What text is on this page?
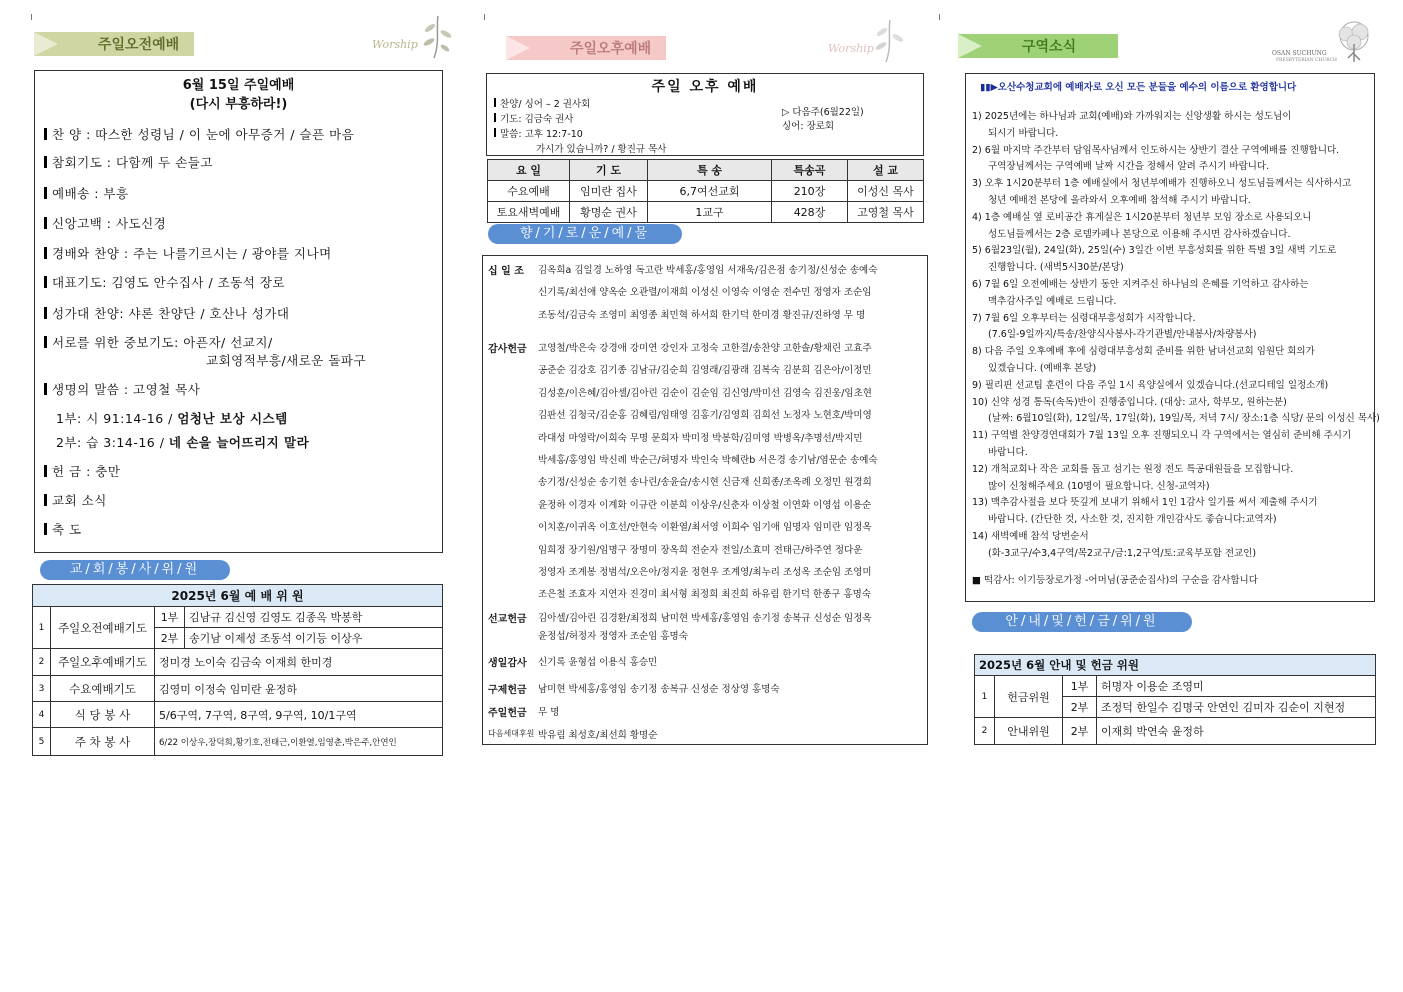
주일오전예배	Worship	주일오후예배	Worship	구역소식	OSAN SUCHUNG
PRESBYTERIAN CHURCH
6월 15일 주일예배
(다시 부흥하라!)
찬 양 : 따스한 성령님 / 이 눈에 아무증거 / 슬픈 마음
참회기도 : 다함께 두 손들고
예배송 : 부흥
신앙고백 : 사도신경
경배와 찬양 : 주는 나를기르시는 / 광야를 지나며
대표기도: 김영도 안수집사 / 조동석 장로
성가대 찬양: 샤론 찬양단 / 호산나 성가대
서로를 위한 중보기도: 아픈자/ 선교지/
교회영적부흥/새로운 돌파구
생명의 말씀 : 고영철 목사
1부: 시 91:14-16 / 엄청난 보상 시스템
2부: 습 3:14-16 / 네 손을 늘어뜨리지 말라
헌 금 : 충만
교회 소식
축 도
교/회/봉/사/위/원
2025년 6월 예 배 위 원			
1	주일오전예배기도	1부	김남규 김신영 김영도 김종옥 박봉학
		2부	송기남 이제성 조동석 이기등 이상우
2	주일오후예배기도	정미경 노이숙 김금숙 이재희 한미경	
3	수요예배기도	김영미 이정숙 임미란 윤정하	
4	식 당 봉 사	5/6구역, 7구역, 8구역, 9구역, 10/1구역	
5	주 차 봉 사	6/22 이상우,장덕희,황기호,전태근,이환열,임영춘,박은주,안연인	
주일 오후 예배
찬양/ 싱어 – 2 권사회
기도: 김금숙 권사
말씀: 고후 12:7-10
가시가 있습니까? / 황진규 목사
▷ 다음주(6월22일)
싱어: 장로회
요 일	기 도	특 송	특송곡	설 교
수요예배	임미란 집사	6,7여선교회	210장	이성신 목사
토요새벽예배	황명순 권사	1교구	428장	고영철 목사
향/기/로/운/예/물
십 일 조 김옥희a 김일경 노하영 독고란 박세홍/홍영임 서재욱/김은점 송기정/신성순 송예숙
신기록/최선애 양옥순 오관렬/이재희 이성신 이영숙 이영순 전수민 정영자 조순임
조동석/김금숙 조영미 최영종 최민혁 하서희 한기덕 한미경 황진규/진하영 무 명
감사헌금 고영철/박은숙 강경애 강미연 강인자 고정숙 고한결/송찬양 고한솔/황채린 고효주
공준순 김강호 김기종 김남규/김순희 김영래/김광래 김복숙 김분희 김은아/이정민
김성훈/이은혜/김아셀/김아린 김순이 김순임 김신영/박미선 김영숙 김진웅/임초현
김판선 김청국/김순홍 김혜림/임태영 김홍기/김영희 김희선 노정자 노현호/박미영
라대성 마영락/이희숙 무명 문희자 박미정 박봉학/김미영 박병옥/추명선/박지민
박세홍/홍영임 박신례 박순근/허명자 박인숙 박혜란b 서은경 송기남/염문순 송예숙
송기정/신성순 송기현 송나린/송윤슬/송시현 신금재 신희종/조옥례 오정민 원경희
윤정하 이경자 이계화 이규란 이분희 이상우/신춘자 이상철 이연화 이영섭 이용순
이치훈/이귀옥 이호선/안현숙 이환열/최서영 이희수 임기애 임명자 임미란 임정옥
임희정 장기원/임명구 장명미 장옥희 전순자 전일/소효미 전태근/하주연 정다운
정영자 조계봉 정범석/오은아/정지윤 정현우 조계영/최누리 조성옥 조순임 조영미
조은철 조효자 지연자 진경미 최서형 최정희 최진희 하유림 한기덕 한종구 홍명숙
선교헌금 김아셀/김아린 김경환/최정희 남미현 박세홍/홍영임 송기정 송복규 신성순 임정옥
윤정섭/허정자 정영자 조순임 홍명숙
생일감사 신기록 윤형섭 이용식 홍승민
구제헌금 남미현 박세홍/홍영임 송기정 송복규 신성순 정상영 홍명숙
주일헌금 무 명
다음세대후원 박유림 최성호/최선희 황명순
▮▮▶오산수청교회에 예배자로 오신 모든 분들을 예수의 이름으로 환영합니다
1) 2025년에는 하나님과 교회(예배)와 가까워지는 신앙생활 하시는 성도님이
되시기 바랍니다.
2) 6월 마지막 주간부터 담임목사님께서 인도하시는 상반기 결산 구역예배를 진행합니다.
구역장님께서는 구역예배 날짜 시간을 정해서 알려 주시기 바랍니다.
3) 오후 1시20분부터 1층 예배실에서 청년부예배가 진행하오니 성도님들께서는 식사하시고
청년 예배전 본당에 올라와서 오후예배 참석해 주시기 바랍니다.
4) 1층 예배실 옆 로비공간 휴게실은 1시20분부터 청년부 모임 장소로 사용되오니
성도님들께서는 2층 로뎀카페나 본당으로 이용해 주시면 감사하겠습니다.
5) 6월23일(월), 24일(화), 25일(수) 3일간 이번 부흥성회를 위한 특별 3일 새벽 기도로
진행합니다. (새벽5시30분/본당)
6) 7월 6일 오전예배는 상반기 동안 지켜주신 하나님의 은혜를 기억하고 감사하는
맥추감사주일 예배로 드립니다.
7) 7월 6일 오후부터는 심령대부흥성회가 시작합니다.
(7.6일-9일까지/특송/찬양식사봉사-각기관별/안내봉사/차량봉사)
8) 다음 주일 오후예배 후에 심령대부흥성회 준비를 위한 남녀선교회 임원단 회의가
있겠습니다. (예배후 본당)
9) 필리핀 선교팀 훈련이 다음 주일 1시 육양실에서 있겠습니다.(선교디테일 일정소개)
10) 신약 성경 통독(속독)반이 진행중입니다. (대상: 교사, 학부모, 원하는분)
(날짜: 6월10일(화), 12일/목, 17일(화), 19일/목, 저녁 7시/ 장소:1층 식당/ 문의 이성신 목사)
11) 구역별 찬양경연대회가 7월 13일 오후 진행되오니 각 구역에서는 열심히 준비해 주시기
바랍니다.
12) 개척교회나 작은 교회를 돕고 섬기는 원정 전도 특공대원들을 모집합니다.
많이 신청해주세요 (10명이 필요합니다. 신청-교역자)
13) 맥추감사절을 보다 뜻깊게 보내기 위해서 1인 1감사 일기를 써서 제출해 주시기
바랍니다. (간단한 것, 사소한 것, 진지한 개인감사도 좋습니다:교역자)
14) 새벽예배 참석 당번순서
(화-3교구/수3,4구역/목2교구/금:1,2구역/토:교육부포함 전교인)
■ 떡감사: 이기등장로가정 -어머님(공준순집사)의 구순을 감사합니다
안/내/및/헌/금/위/원
2025년 6월 안내 및 헌금 위원			
1	헌금위원	1부	허명자 이용순 조영미
		2부	조정덕 한일수 김명국 안연인 김미자 김순이 지현정
2	안내위원	2부	이재희 박연숙 윤정하
